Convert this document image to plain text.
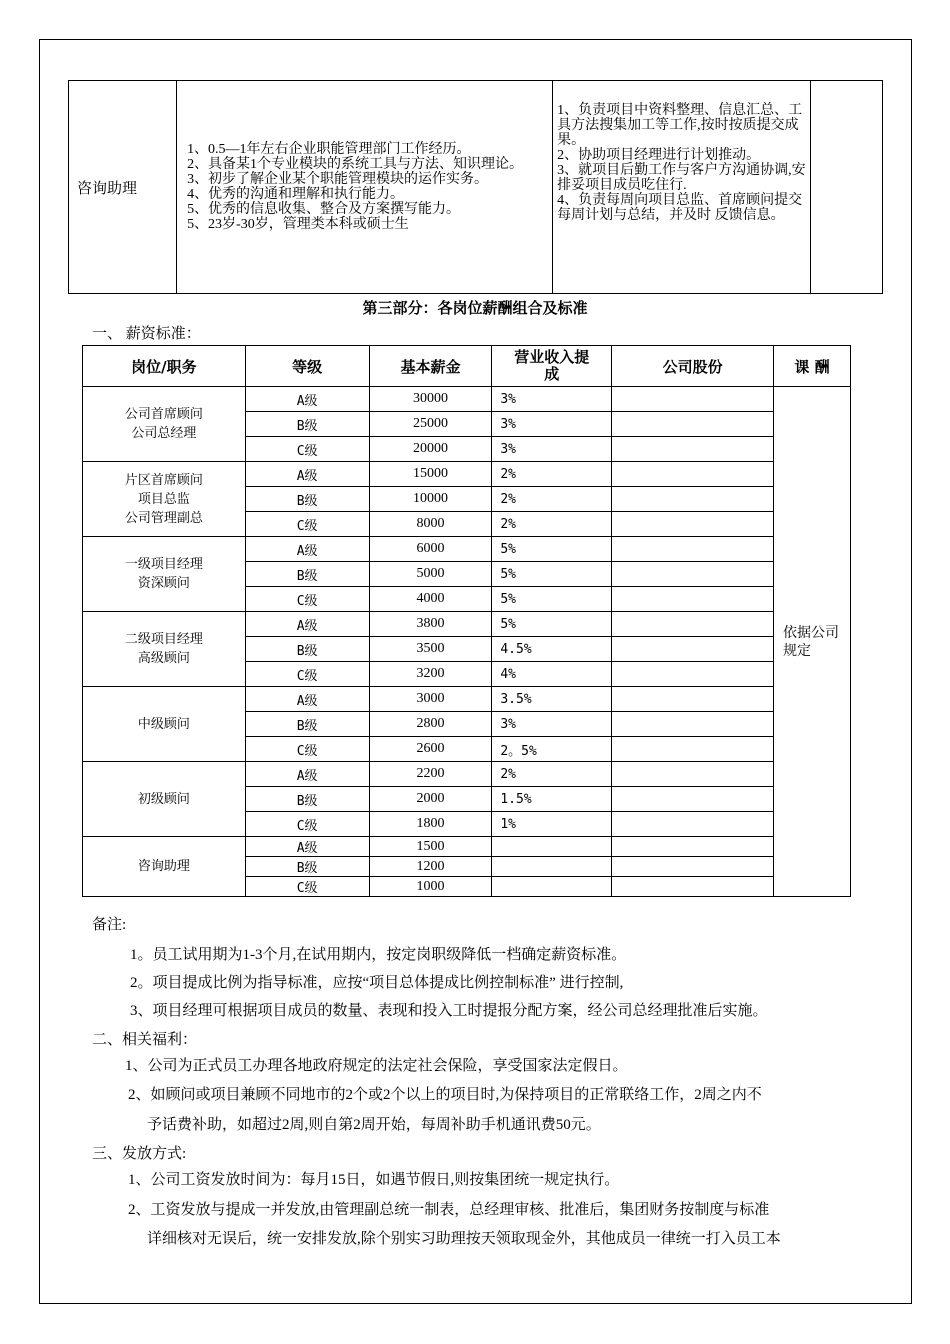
咨询助理	
1、0.5—1年左右企业职能管理部门工作经历。
2、具备某1个专业模块的系统工具与方法、知识理论。
3、初步了解企业某个职能管理模块的运作实务。
4、优秀的沟通和理解和执行能力。
5、优秀的信息收集、整合及方案撰写能力。
5、23岁-30岁，管理类本科或硕士生

1、负责项目中资料整理、信息汇总、工具方法搜集加工等工作,按时按质提交成果。
2、协助项目经理进行计划推动。
3、就项目后勤工作与客户方沟通协调,安排妥项目成员吃住行.
4、负责每周向项目总监、首席顾问提交每周计划与总结，并及时 反馈信息。

第三部分：各岗位薪酬组合及标准
一、 薪资标准：
岗位/职务	等级	基本薪金	营业收入提成	公司股份	课 酬
公司首席顾问
公司总经理	A级	30000	3%		依据公司规定
	B级	25000	3%		
	C级	20000	3%		
片区首席顾问
项目总监
公司管理副总	A级	15000	2%		
	B级	10000	2%		
	C级	8000	2%		
一级项目经理
资深顾问	A级	6000	5%		
	B级	5000	5%		
	C级	4000	5%		
二级项目经理
高级顾问	A级	3800	5%		
	B级	3500	4.5%		
	C级	3200	4%		
中级顾问	A级	3000	3.5%		
	B级	2800	3%		
	C级	2600	2。5%		
初级顾问	A级	2200	2%		
	B级	2000	1.5%		
	C级	1800	1%		
咨询助理	A级	1500			
	B级	1200			
	C级	1000			
备注:
1。员工试用期为1-3个月,在试用期内，按定岗职级降低一档确定薪资标准。
2。项目提成比例为指导标准，应按“项目总体提成比例控制标准” 进行控制,
3、项目经理可根据项目成员的数量、表现和投入工时提报分配方案，经公司总经理批准后实施。
二、相关福利：
1、公司为正式员工办理各地政府规定的法定社会保险，享受国家法定假日。
2、如顾问或项目兼顾不同地市的2个或2个以上的项目时,为保持项目的正常联络工作，2周之内不
予话费补助，如超过2周,则自第2周开始，每周补助手机通讯费50元。
三、发放方式:
1、公司工资发放时间为：每月15日，如遇节假日,则按集团统一规定执行。
2、工资发放与提成一并发放,由管理副总统一制表，总经理审核、批准后，集团财务按制度与标准
详细核对无误后，统一安排发放,除个别实习助理按天领取现金外，其他成员一律统一打入员工本
